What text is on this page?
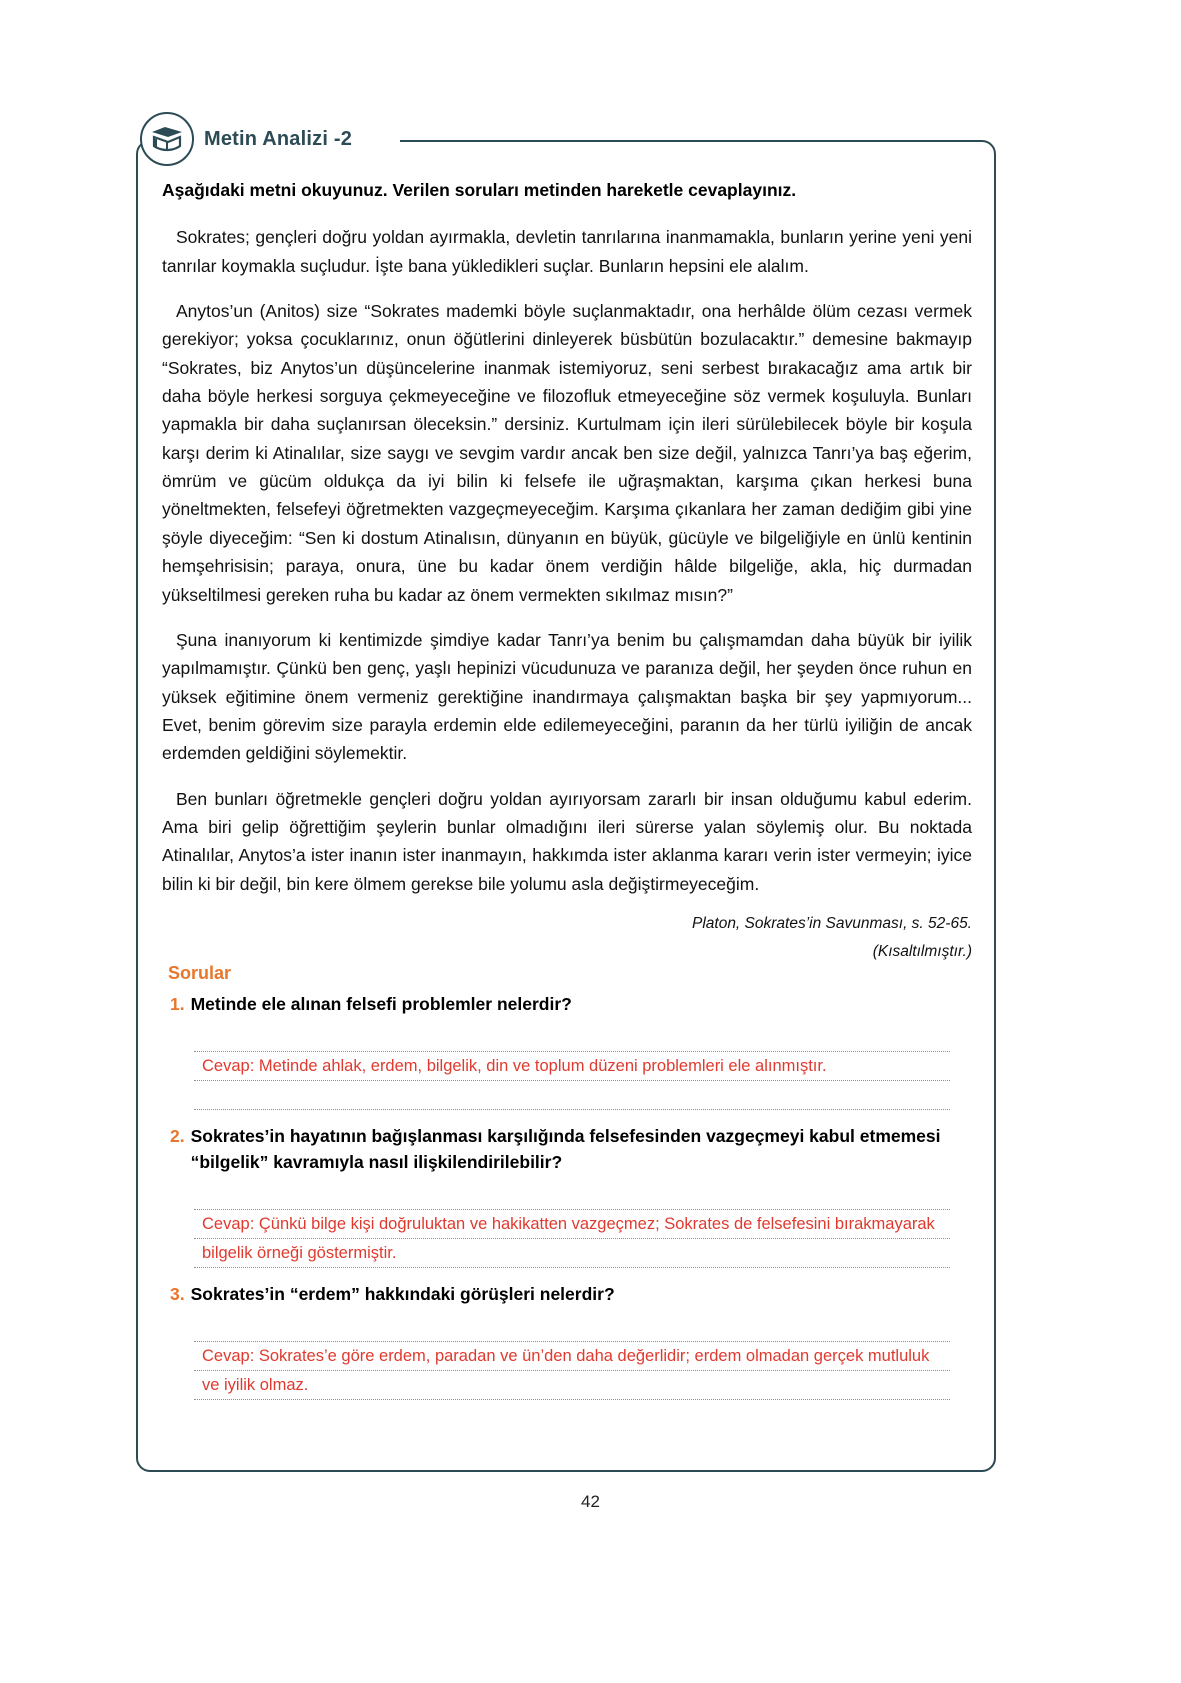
Metin Analizi -2

Aşağıdaki metni okuyunuz. Verilen soruları metinden hareketle cevaplayınız.

Sokrates; gençleri doğru yoldan ayırmakla, devletin tanrılarına inanmamakla, bunların yerine yeni yeni tanrılar koymakla suçludur. İşte bana yükledikleri suçlar. Bunların hepsini ele alalım.

Anytos’un (Anitos) size “Sokrates mademki böyle suçlanmaktadır, ona herhâlde ölüm cezası vermek gerekiyor; yoksa çocuklarınız, onun öğütlerini dinleyerek büsbütün bozulacaktır.” demesine bakmayıp “Sokrates, biz Anytos’un düşüncelerine inanmak istemiyoruz, seni serbest bırakacağız ama artık bir daha böyle herkesi sorguya çekmeyeceğine ve filozofluk etmeyeceğine söz vermek koşuluyla. Bunları yapmakla bir daha suçlanırsan öleceksin.” dersiniz. Kurtulmam için ileri sürülebilecek böyle bir koşula karşı derim ki Atinalılar, size saygı ve sevgim vardır ancak ben size değil, yalnızca Tanrı’ya baş eğerim, ömrüm ve gücüm oldukça da iyi bilin ki felsefe ile uğraşmaktan, karşıma çıkan herkesi buna yöneltmekten, felsefeyi öğretmekten vazgeçmeyeceğim. Karşıma çıkanlara her zaman dediğim gibi yine şöyle diyeceğim: “Sen ki dostum Atinalısın, dünyanın en büyük, gücüyle ve bilgeliğiyle en ünlü kentinin hemşehrisisin; paraya, onura, üne bu kadar önem verdiğin hâlde bilgeliğe, akla, hiç durmadan yükseltilmesi gereken ruha bu kadar az önem vermekten sıkılmaz mısın?”

Şuna inanıyorum ki kentimizde şimdiye kadar Tanrı’ya benim bu çalışmamdan daha büyük bir iyilik yapılmamıştır. Çünkü ben genç, yaşlı hepinizi vücudunuza ve paranıza değil, her şeyden önce ruhun en yüksek eğitimine önem vermeniz gerektiğine inandırmaya çalışmaktan başka bir şey yapmıyorum... Evet, benim görevim size parayla erdemin elde edilemeyeceğini, paranın da her türlü iyiliğin de ancak erdemden geldiğini söylemektir.

Ben bunları öğretmekle gençleri doğru yoldan ayırıyorsam zararlı bir insan olduğumu kabul ederim. Ama biri gelip öğrettiğim şeylerin bunlar olmadığını ileri sürerse yalan söylemiş olur. Bu noktada Atinalılar, Anytos’a ister inanın ister inanmayın, hakkımda ister aklanma kararı verin ister vermeyin; iyice bilin ki bir değil, bin kere ölmem gerekse bile yolumu asla değiştirmeyeceğim.

Platon, Sokrates’in Savunması, s. 52-65.

(Kısaltılmıştır.)

Sorular
1. Metinde ele alınan felsefi problemler nelerdir?
Cevap: Metinde ahlak, erdem, bilgelik, din ve toplum düzeni problemleri ele alınmıştır.
2. Sokrates’in hayatının bağışlanması karşılığında felsefesinden vazgeçmeyi kabul etmemesi “bilgelik” kavramıyla nasıl ilişkilendirilebilir?
Cevap: Çünkü bilge kişi doğruluktan ve hakikatten vazgeçmez; Sokrates de felsefesini bırakmayarak
bilgelik örneği göstermiştir.
3. Sokrates’in “erdem” hakkındaki görüşleri nelerdir?
Cevap: Sokrates’e göre erdem, paradan ve ün’den daha değerlidir; erdem olmadan gerçek mutluluk
ve iyilik olmaz.
42
